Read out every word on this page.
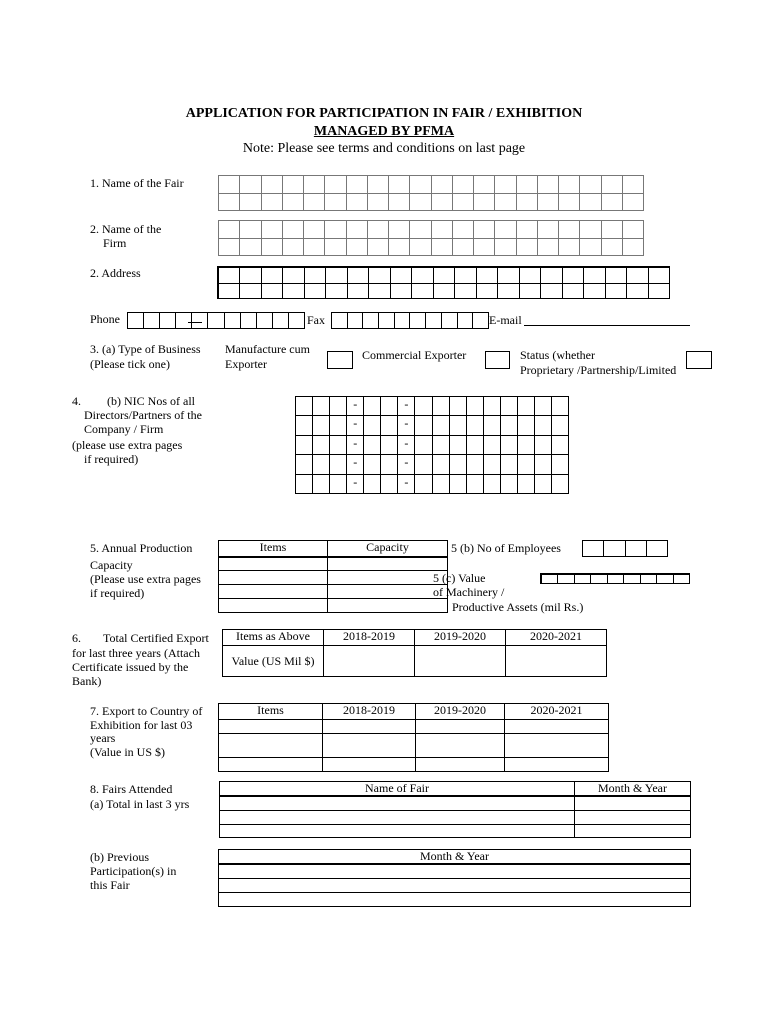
APPLICATION FOR PARTICIPATION IN FAIR / EXHIBITION
MANAGED BY PFMA
Note: Please see terms and conditions on last page
1. Name of the Fair
2. Name of the
Firm
2. Address
Phone	Fax	E-mail
3. (a) Type of Business
(Please tick one)
Manufacture cum
Exporter
Commercial Exporter	Status (whether
Proprietary /Partnership/Limited
4. (b) NIC Nos of all
Directors/Partners of the
Company / Firm
(please use extra pages
if required)
-	-
-	-
-	-
-	-
-	-
5. Annual Production
Capacity
(Please use extra pages
if required)
Items	Capacity

		5 (b) No of Employees
5 (c) Value
of Machinery /
Productive Assets (mil Rs.)
6. Total Certified Export
for last three years (Attach
Certificate issued by the
Bank)
Items as Above	2018-2019	2019-2020	2020-2021
Value (US Mil $)			
7. Export to Country of
Exhibition for last 03
years
(Value in US $)
Items	2018-2019	2019-2020	2020-2021

8. Fairs Attended
(a) Total in last 3 yrs
Name of Fair	Month & Year

(b) Previous
Participation(s) in
this Fair
Month & Year
